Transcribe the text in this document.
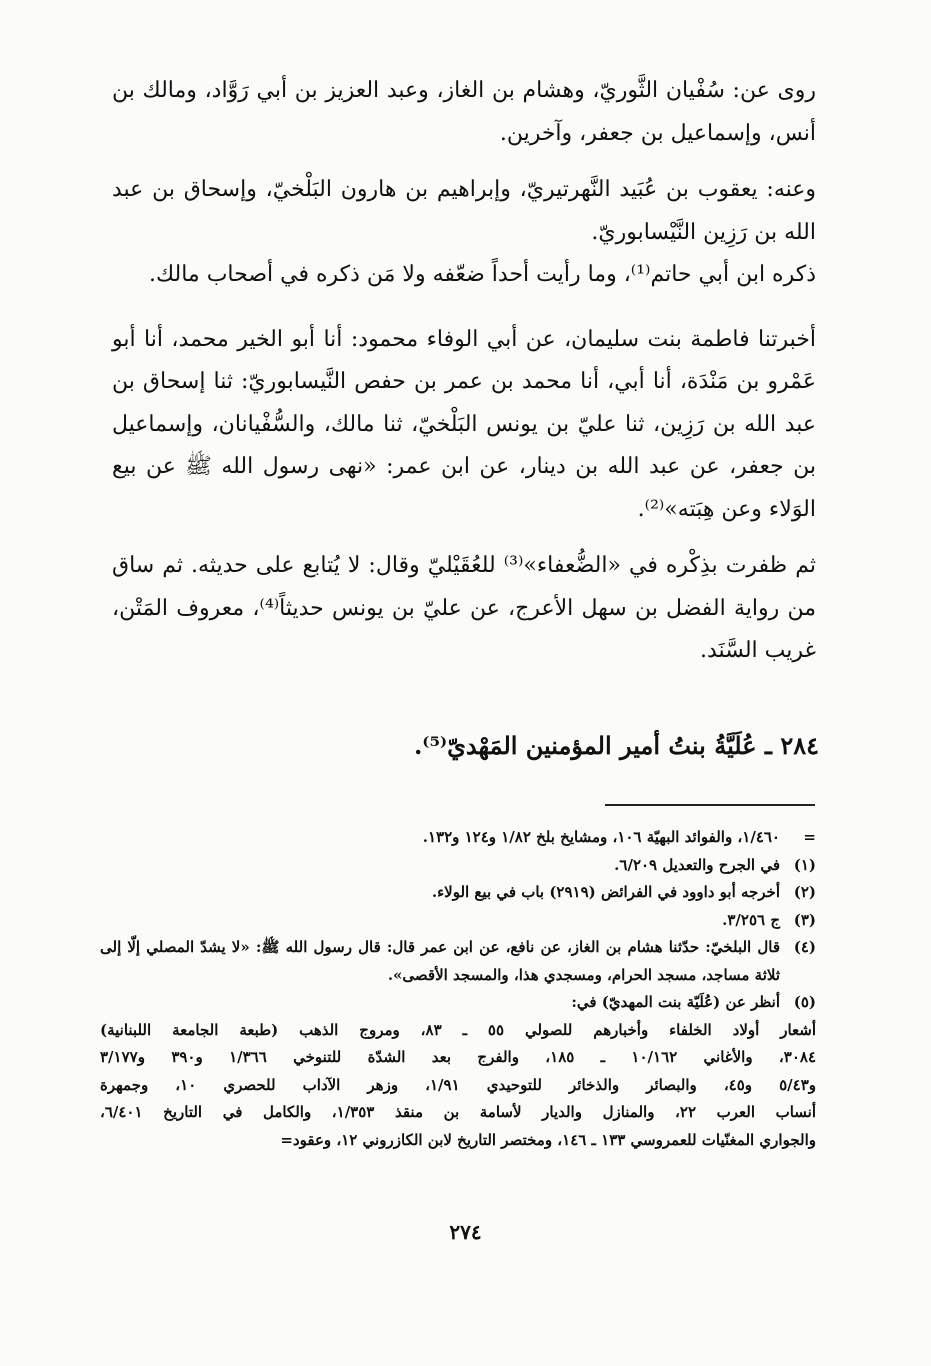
روى عن: سُفْيان الثَّوريّ، وهشام بن الغاز، وعبد العزيز بن أبي رَوَّاد، ومالك بن أنس، وإسماعيل بن جعفر، وآخرين.

وعنه: يعقوب بن عُبَيد النَّهرتيريّ، وإبراهيم بن هارون البَلْخيّ، وإسحاق بن عبد الله بن رَزِين النَّيْسابوريّ.

ذكره ابن أبي حاتم⁽¹⁾، وما رأيت أحداً ضعّفه ولا مَن ذكره في أصحاب مالك.

أخبرتنا فاطمة بنت سليمان، عن أبي الوفاء محمود: أنا أبو الخير محمد، أنا أبو عَمْرو بن مَنْدَة، أنا أبي، أنا محمد بن عمر بن حفص النَّيسابوريّ: ثنا إسحاق بن عبد الله بن رَزِين، ثنا عليّ بن يونس البَلْخيّ، ثنا مالك، والسُّفْيانان، وإسماعيل بن جعفر، عن عبد الله بن دينار، عن ابن عمر: «نهى رسول الله ﷺ عن بيع الوَلاء وعن هِبَته»⁽²⁾.

ثم ظفرت بذِكْره في «الضُّعفاء»⁽³⁾ للعُقَيْليّ وقال: لا يُتابع على حديثه. ثم ساق من رواية الفضل بن سهل الأعرج، عن عليّ بن يونس حديثاً⁽⁴⁾، معروف المَتْن، غريب السَّنَد.

٢٨٤ ـ عُلَيَّةُ بنتُ أمير المؤمنين المَهْديّ⁽⁵⁾.
=
١/٤٦٠، والفوائد البهيّة ١٠٦، ومشايخ بلخ ١/٨٢ و١٢٤ و١٣٢.
(١)
في الجرح والتعديل ٦/٢٠٩.
(٢)
أخرجه أبو داوود في الفرائض (٢٩١٩) باب في بيع الولاء.
(٣)
ج ٣/٢٥٦.
(٤)
قال البلخيّ: حدّثنا هشام بن الغاز، عن نافع، عن ابن عمر قال: قال رسول الله ﷺ: «لا يشدّ المصلي إلّا إلى ثلاثة مساجد، مسجد الحرام، ومسجدي هذا، والمسجد الأقصى».
(٥)
أنظر عن (عُلَيّة بنت المهديّ) في:
أشعار أولاد الخلفاء وأخبارهم للصولي ٥٥ ـ ٨٣، ومروج الذهب (طبعة الجامعة اللبنانية)
٣٠٨٤، والأغاني ١٠/١٦٢ ـ ١٨٥، والفرج بعد الشدّة للتنوخي ١/٣٦٦ و٣٩٠ و٣/١٧٧
و٥/٤٣ و٤٥، والبصائر والذخائر للتوحيدي ١/٩١، وزهر الآداب للحصري ١٠، وجمهرة
أنساب العرب ٢٢، والمنازل والديار لأسامة بن منقذ ١/٣٥٣، والكامل في التاريخ ٦/٤٠١،
والجواري المغنّيات للعمروسي ١٣٣ ـ ١٤٦، ومختصر التاريخ لابن الكازروني ١٢، وعقود=
٢٧٤
